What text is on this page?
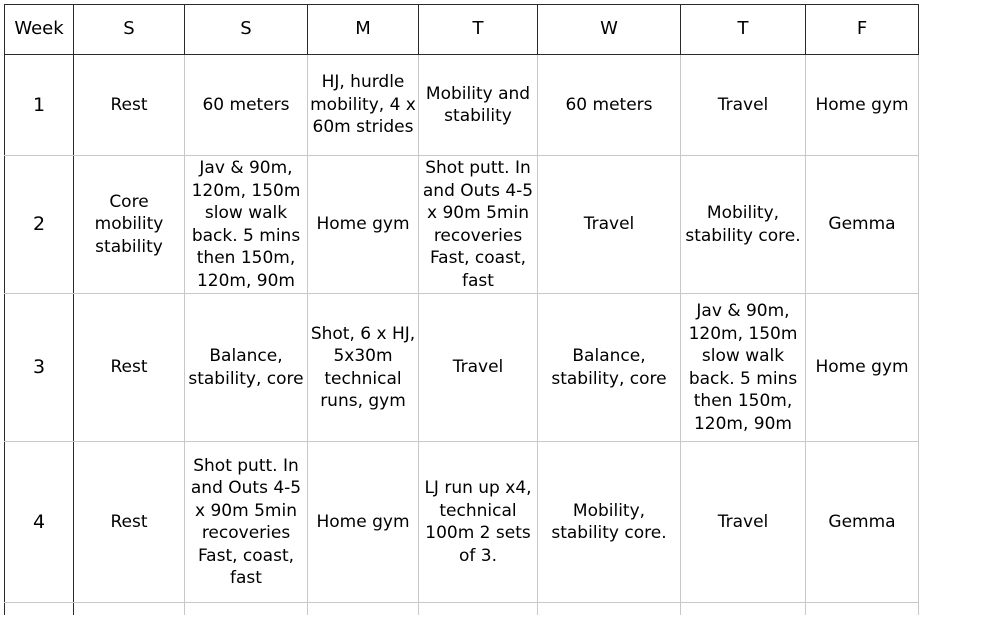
Week	S	S	M	T	W	T	F
1	Rest	60 meters	HJ, hurdle mobility, 4 x 60m strides	Mobility and stability	60 meters	Travel	Home gym
2	Core mobility stability	Jav & 90m, 120m, 150m slow walk back. 5 mins then 150m, 120m, 90m	Home gym	Shot putt. In and Outs 4-5 x 90m 5min recoveries Fast, coast, fast	Travel	Mobility, stability core.	Gemma
3	Rest	Balance, stability, core	Shot, 6 x HJ, 5x30m technical runs, gym	Travel	Balance, stability, core	Jav & 90m, 120m, 150m slow walk back. 5 mins then 150m, 120m, 90m	Home gym
4	Rest	Shot putt. In and Outs 4-5 x 90m 5min recoveries Fast, coast, fast	Home gym	LJ run up x4, technical 100m 2 sets of 3.	Mobility, stability core.	Travel	Gemma
